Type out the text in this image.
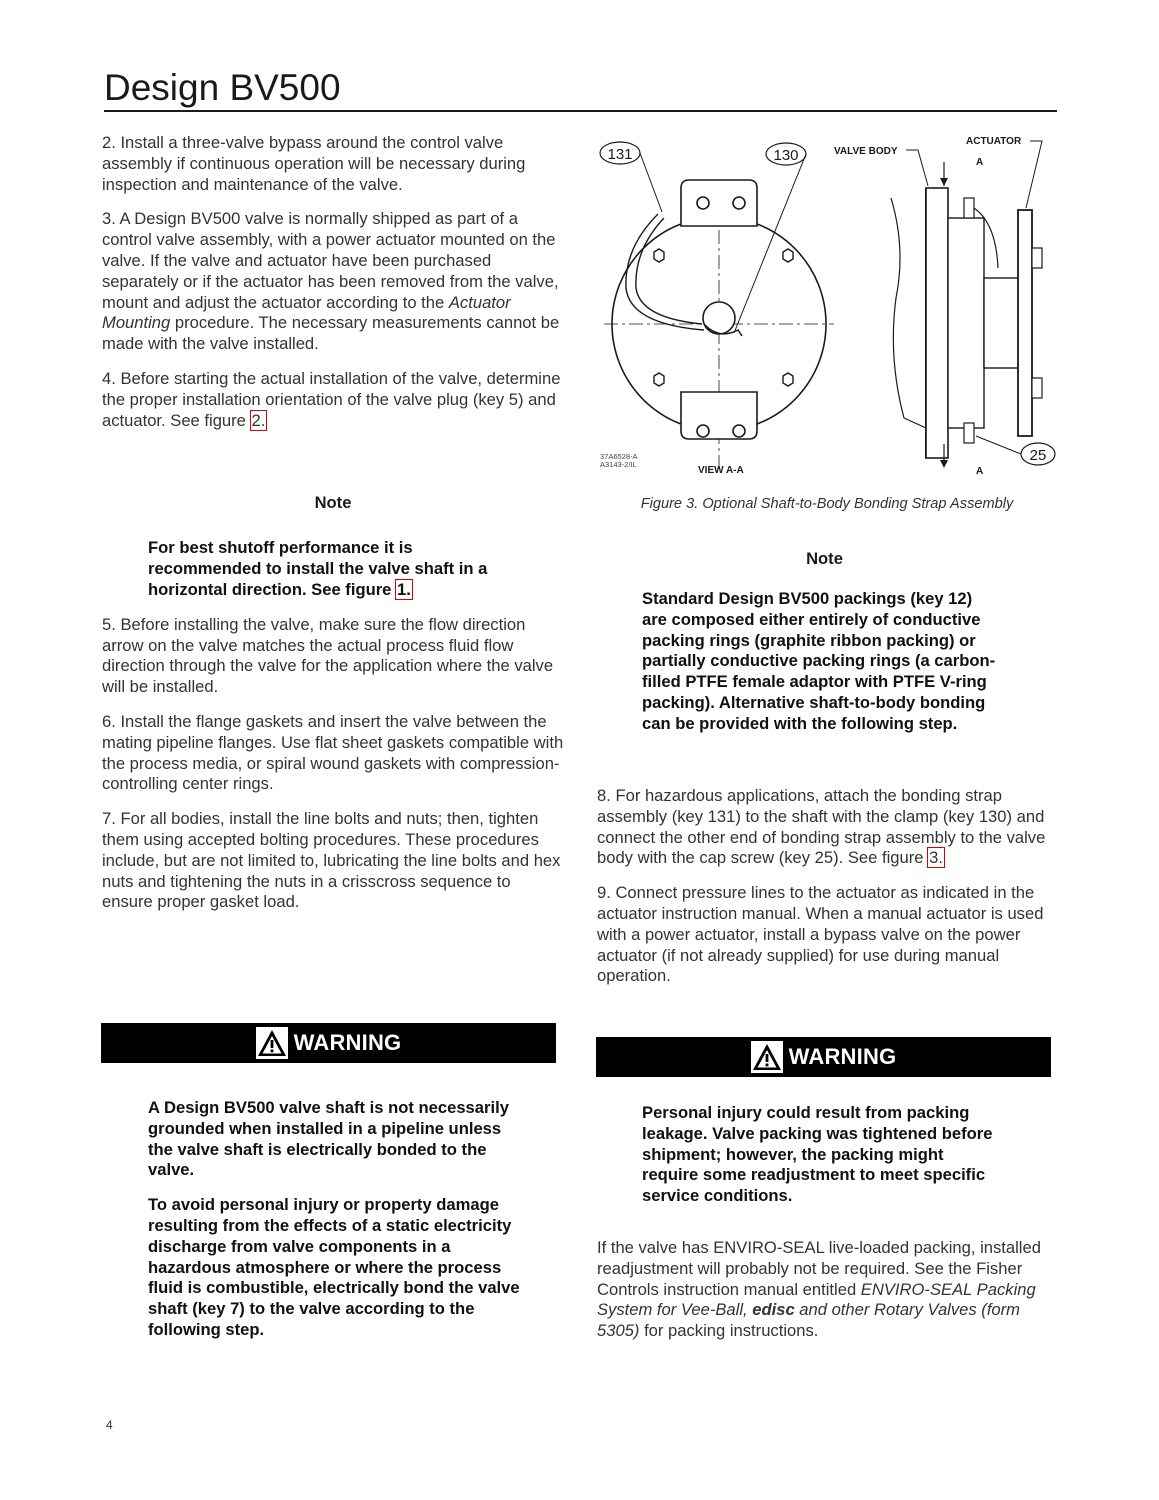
Design BV500

2. Install a three-valve bypass around the control valve assembly if continuous operation will be necessary during inspection and maintenance of the valve.

3. A Design BV500 valve is normally shipped as part of a control valve assembly, with a power actuator mounted on the valve. If the valve and actuator have been purchased separately or if the actuator has been removed from the valve, mount and adjust the actuator according to the Actuator Mounting procedure. The necessary measurements cannot be made with the valve installed.

4. Before starting the actual installation of the valve, determine the proper installation orientation of the valve plug (key 5) and actuator. See figure 2.

Note

For best shutoff performance it is recommended to install the valve shaft in a horizontal direction. See figure 1.

5. Before installing the valve, make sure the flow direction arrow on the valve matches the actual process fluid flow direction through the valve for the application where the valve will be installed.

6. Install the flange gaskets and insert the valve between the mating pipeline flanges. Use flat sheet gaskets compatible with the process media, or spiral wound gaskets with compression-controlling center rings.

7. For all bodies, install the line bolts and nuts; then, tighten them using accepted bolting procedures. These procedures include, but are not limited to, lubricating the line bolts and hex nuts and tightening the nuts in a crisscross sequence to ensure proper gasket load.

WARNING

A Design BV500 valve shaft is not necessarily grounded when installed in a pipeline unless the valve shaft is electrically bonded to the valve.

To avoid personal injury or property damage resulting from the effects of a static electricity discharge from valve components in a hazardous atmosphere or where the process fluid is combustible, electrically bond the valve shaft (key 7) to the valve according to the following step.

131	130	A
A
VALVE BODY
ACTUATOR
25
37A6528-A
A3143-2/IL
VIEW A-A
Figure 3. Optional Shaft-to-Body Bonding Strap Assembly
Note
Standard Design BV500 packings (key 12) are composed either entirely of conductive packing rings (graphite ribbon packing) or partially conductive packing rings (a carbon-filled PTFE female adaptor with PTFE V-ring packing). Alternative shaft-to-body bonding can be provided with the following step.

8. For hazardous applications, attach the bonding strap assembly (key 131) to the shaft with the clamp (key 130) and connect the other end of bonding strap assembly to the valve body with the cap screw (key 25). See figure 3.

9. Connect pressure lines to the actuator as indicated in the actuator instruction manual. When a manual actuator is used with a power actuator, install a bypass valve on the power actuator (if not already supplied) for use during manual operation.

WARNING

Personal injury could result from packing leakage. Valve packing was tightened before shipment; however, the packing might require some readjustment to meet specific service conditions.

If the valve has ENVIRO-SEAL live-loaded packing, installed readjustment will probably not be required. See the Fisher Controls instruction manual entitled ENVIRO-SEAL Packing System for Vee-Ball, edisc and other Rotary Valves (form 5305) for packing instructions.
4
